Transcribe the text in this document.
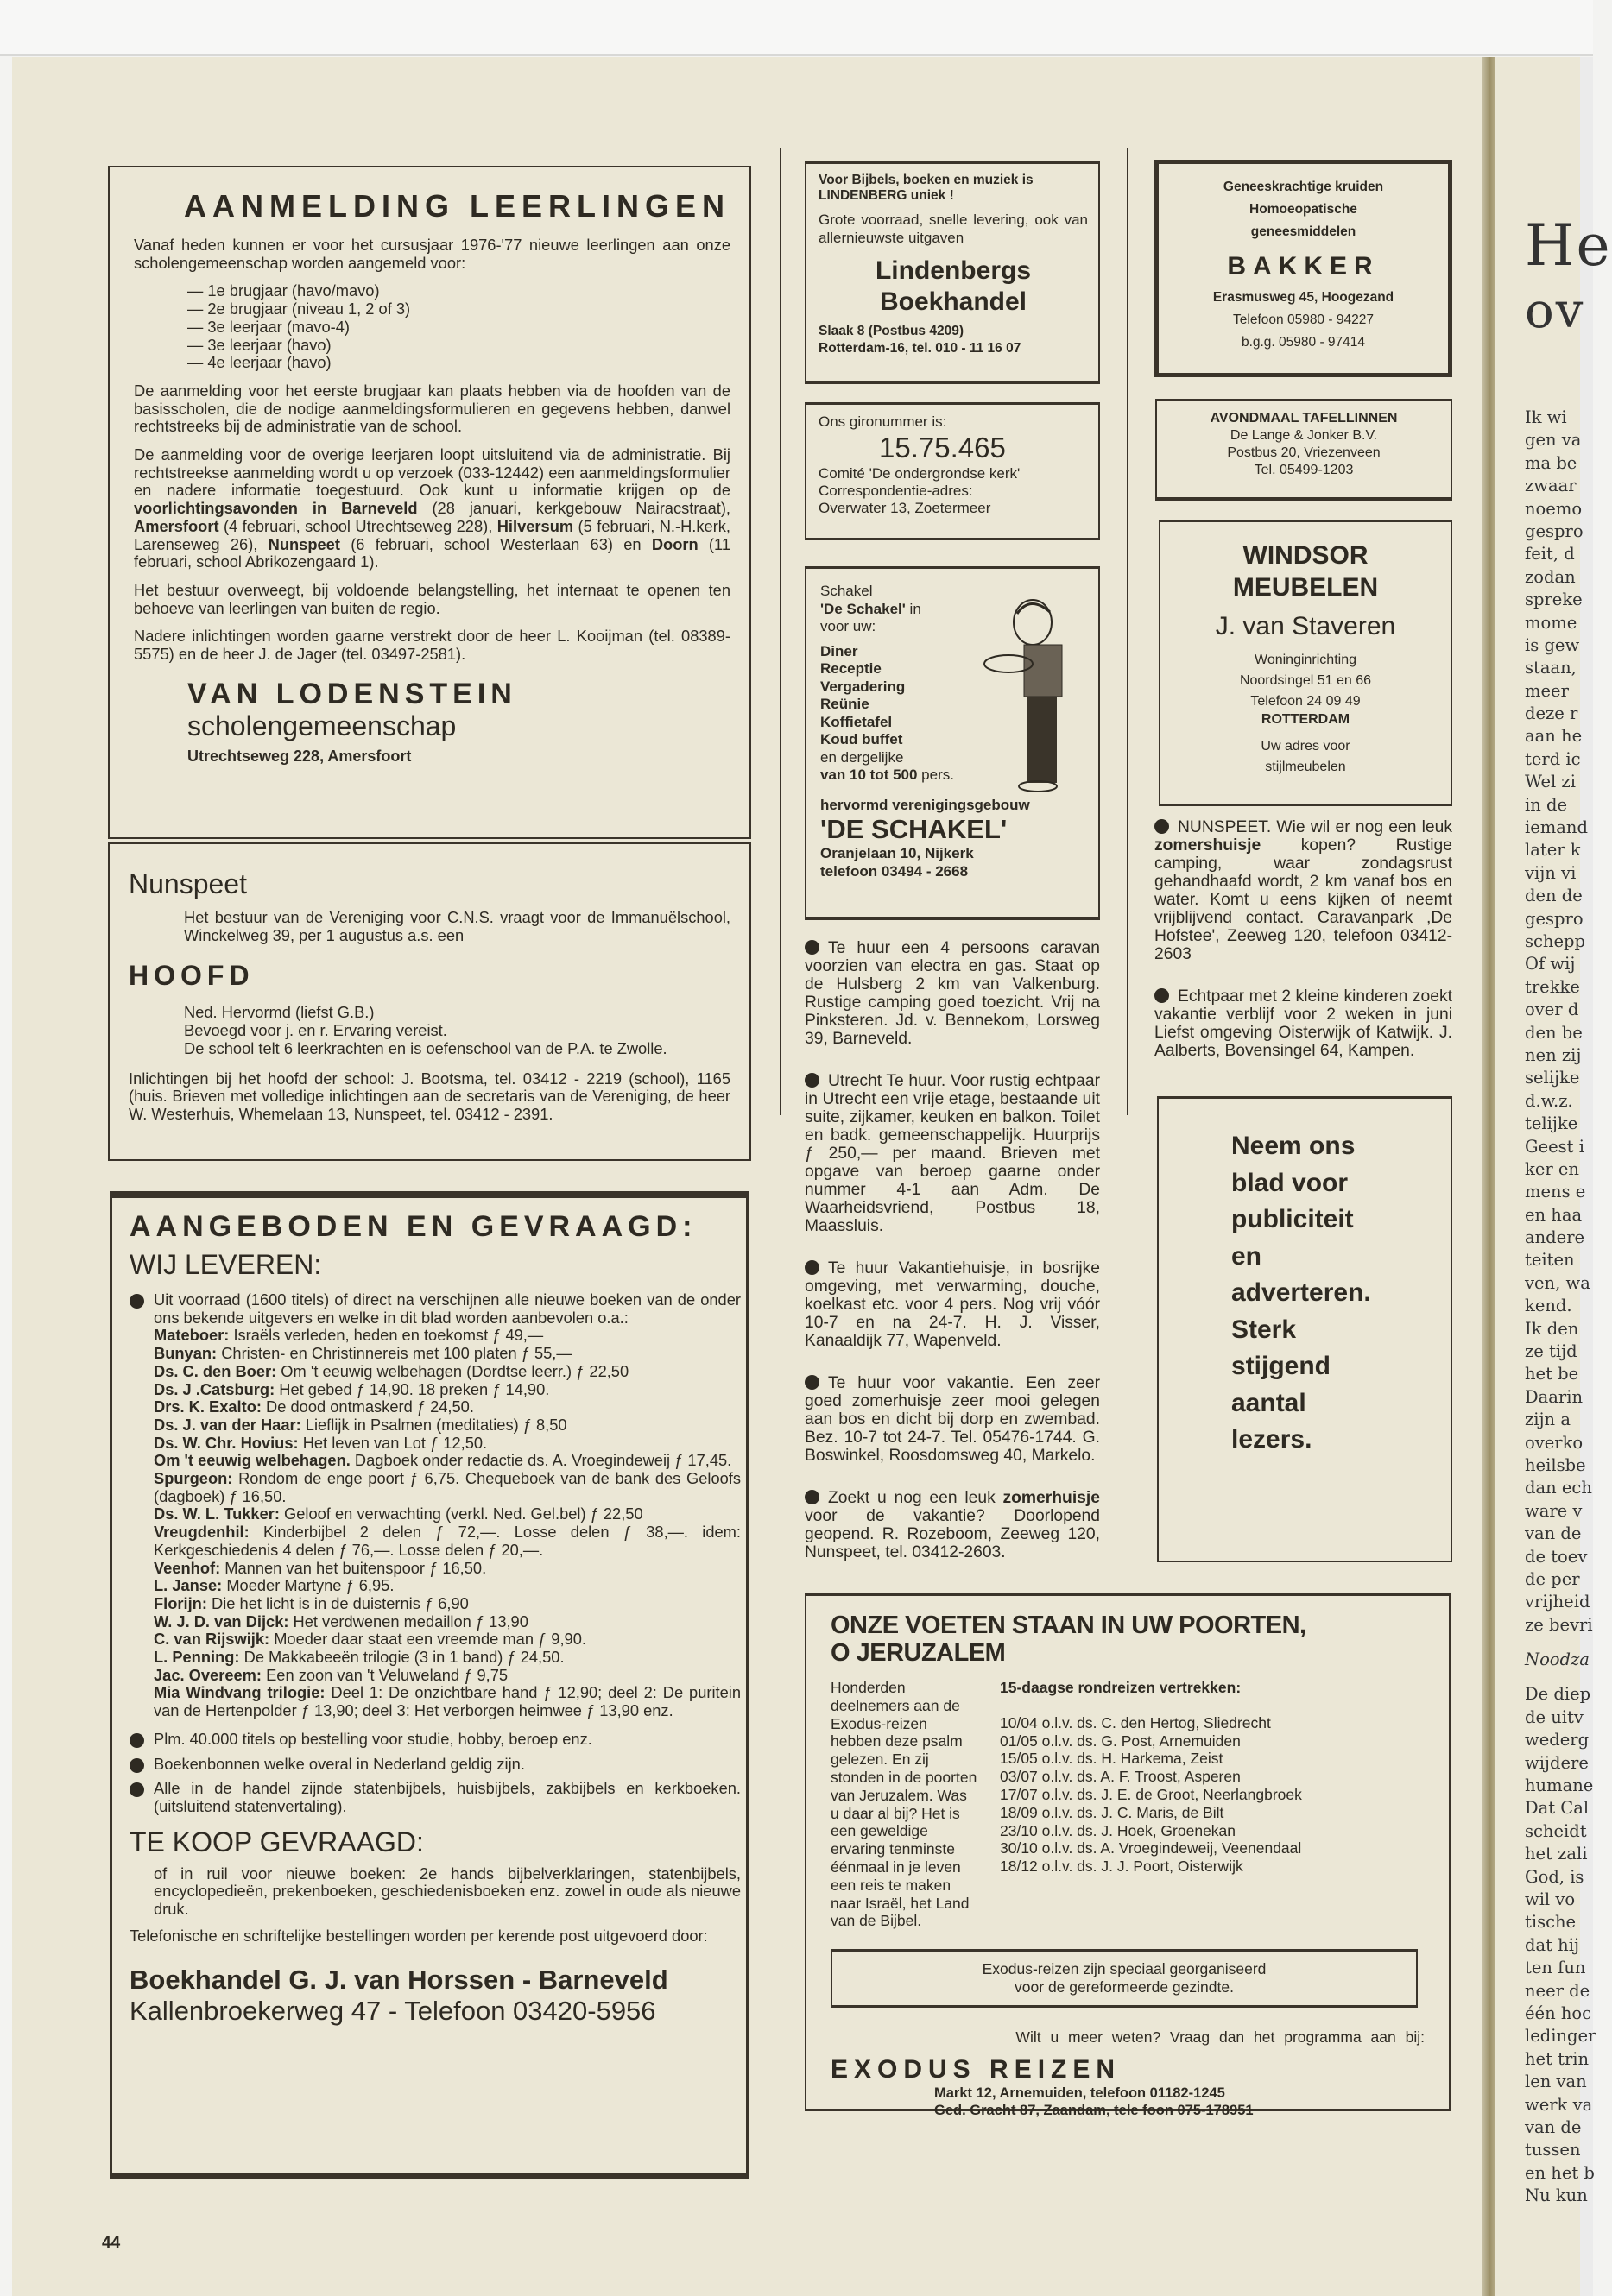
AANMELDING LEERLINGEN

Vanaf heden kunnen er voor het cursusjaar 1976-'77 nieuwe leerlingen aan onze scholengemeenschap worden aangemeld voor:

— 1e brugjaar (havo/mavo)
— 2e brugjaar (niveau 1, 2 of 3)
— 3e leerjaar (mavo-4)
— 3e leerjaar (havo)
— 4e leerjaar (havo)

De aanmelding voor het eerste brugjaar kan plaats hebben via de hoofden van de basisscholen, die de nodige aanmeldingsformulieren en gegevens hebben, danwel rechtstreeks bij de administratie van de school.

De aanmelding voor de overige leerjaren loopt uitsluitend via de administratie. Bij rechtstreekse aanmelding wordt u op verzoek (033-12442) een aanmeldingsformulier en nadere informatie toegestuurd. Ook kunt u informatie krijgen op de voorlichtingsavonden in Barneveld (28 januari, kerkgebouw Nairacstraat), Amersfoort (4 februari, school Utrechtseweg 228), Hilversum (5 februari, N.-H.kerk, Larenseweg 26), Nunspeet (6 februari, school Westerlaan 63) en Doorn (11 februari, school Abrikozengaard 1).

Het bestuur overweegt, bij voldoende belangstelling, het internaat te openen ten behoeve van leerlingen van buiten de regio.

Nadere inlichtingen worden gaarne verstrekt door de heer L. Kooijman (tel. 08389-5575) en de heer J. de Jager (tel. 03497-2581).

VAN LODENSTEIN
scholengemeenschap
Utrechtseweg 228, Amersfoort
Nunspeet
Het bestuur van de Vereniging voor C.N.S. vraagt voor de Immanuëlschool, Winckelweg 39, per 1 augustus a.s. een
HOOFD
Ned. Hervormd (liefst G.B.)
Bevoegd voor j. en r. Ervaring vereist.
De school telt 6 leerkrachten en is oefenschool van de P.A. te Zwolle.
Inlichtingen bij het hoofd der school: J. Bootsma, tel. 03412 - 2219 (school), 1165 (huis. Brieven met volledige inlichtingen aan de secretaris van de Vereniging, de heer W. Westerhuis, Whemelaan 13, Nunspeet, tel. 03412 - 2391.
AANGEBODEN EN GEVRAAGD:
WIJ LEVEREN:
Uit voorraad (1600 titels) of direct na verschijnen alle nieuwe boeken van de onder ons bekende uitgevers en welke in dit blad worden aanbevolen o.a.:
Mateboer: Israëls verleden, heden en toekomst ƒ 49,—
Bunyan: Christen- en Christinnereis met 100 platen ƒ 55,—
Ds. C. den Boer: Om 't eeuwig welbehagen (Dordtse leerr.) ƒ 22,50
Ds. J .Catsburg: Het gebed ƒ 14,90. 18 preken ƒ 14,90.
Drs. K. Exalto: De dood ontmaskerd ƒ 24,50.
Ds. J. van der Haar: Lieflijk in Psalmen (meditaties) ƒ 8,50
Ds. W. Chr. Hovius: Het leven van Lot ƒ 12,50.
Om 't eeuwig welbehagen. Dagboek onder redactie ds. A. Vroegindeweij ƒ 17,45.
Spurgeon: Rondom de enge poort ƒ 6,75. Chequeboek van de bank des Geloofs (dagboek) ƒ 16,50.
Ds. W. L. Tukker: Geloof en verwachting (verkl. Ned. Gel.bel) ƒ 22,50
Vreugdenhil: Kinderbijbel 2 delen ƒ 72,—. Losse delen ƒ 38,—. idem: Kerkgeschiedenis 4 delen ƒ 76,—. Losse delen ƒ 20,—.
Veenhof: Mannen van het buitenspoor ƒ 16,50.
L. Janse: Moeder Martyne ƒ 6,95.
Florijn: Die het licht is in de duisternis ƒ 6,90
W. J. D. van Dijck: Het verdwenen medaillon ƒ 13,90
C. van Rijswijk: Moeder daar staat een vreemde man ƒ 9,90.
L. Penning: De Makkabeeën trilogie (3 in 1 band) ƒ 24,50.
Jac. Overeem: Een zoon van 't Veluweland ƒ 9,75
Mia Windvang trilogie: Deel 1: De onzichtbare hand ƒ 12,90; deel 2: De puritein van de Hertenpolder ƒ 13,90; deel 3: Het verborgen heimwee ƒ 13,90 enz.
Plm. 40.000 titels op bestelling voor studie, hobby, beroep enz.
Boekenbonnen welke overal in Nederland geldig zijn.
Alle in de handel zijnde statenbijbels, huisbijbels, zakbijbels en kerkboeken. (uitsluitend statenvertaling).
TE KOOP GEVRAAGD:
of in ruil voor nieuwe boeken: 2e hands bijbelverklaringen, statenbijbels, encyclopedieën, prekenboeken, geschiedenisboeken enz. zowel in oude als nieuwe druk.
Telefonische en schriftelijke bestellingen worden per kerende post uitgevoerd door:
Boekhandel G. J. van Horssen - Barneveld
Kallenbroekerweg 47 - Telefoon 03420-5956
44
Voor Bijbels, boeken en muziek is LINDENBERG uniek !
Grote voorraad, snelle levering, ook van allernieuwste uitgaven
Lindenbergs
Boekhandel
Slaak 8 (Postbus 4209)
Rotterdam-16, tel. 010 - 11 16 07
Ons gironummer is:
15.75.465
Comité 'De ondergrondse kerk'
Correspondentie-adres:
Overwater 13, Zoetermeer
Schakel
'De Schakel' in
voor uw:
Diner
Receptie
Vergadering
Reünie
Koffietafel
Koud buffet
en dergelijke
van 10 tot 500 pers.
hervormd verenigingsgebouw
'DE SCHAKEL'
Oranjelaan 10, Nijkerk
telefoon 03494 - 2668

Te huur een 4 persoons caravan voorzien van electra en gas. Staat op de Hulsberg 2 km van Valkenburg. Rustige camping goed toezicht. Vrij na Pinksteren. Jd. v. Bennekom, Lorsweg 39, Barneveld.

Utrecht Te huur. Voor rustig echtpaar in Utrecht een vrije etage, bestaande uit suite, zijkamer, keuken en balkon. Toilet en badk. gemeenschappelijk. Huurprijs ƒ 250,— per maand. Brieven met opgave van beroep gaarne onder nummer 4-1 aan Adm. De Waarheidsvriend, Postbus 18, Maassluis.

Te huur Vakantiehuisje, in bosrijke omgeving, met verwarming, douche, koelkast etc. voor 4 pers. Nog vrij vóór 10-7 en na 24-7. H. J. Visser, Kanaaldijk 77, Wapenveld.

Te huur voor vakantie. Een zeer goed zomerhuisje zeer mooi gelegen aan bos en dicht bij dorp en zwembad. Bez. 10-7 tot 24-7. Tel. 05476-1744. G. Boswinkel, Roosdomsweg 40, Markelo.

Zoekt u nog een leuk zomerhuisje voor de vakantie? Doorlopend geopend. R. Rozeboom, Zeeweg 120, Nunspeet, tel. 03412-2603.

Geneeskrachtige kruiden
Homoeopatische
geneesmiddelen
BAKKER
Erasmusweg 45, Hoogezand
Telefoon 05980 - 94227
b.g.g. 05980 - 97414
AVONDMAAL TAFELLINNEN
De Lange & Jonker B.V.
Postbus 20, Vriezenveen
Tel. 05499-1203
WINDSOR
MEUBELEN
J. van Staveren
Woninginrichting
Noordsingel 51 en 66
Telefoon 24 09 49
ROTTERDAM
Uw adres voor
stijlmeubelen

NUNSPEET. Wie wil er nog een leuk zomershuisje kopen? Rustige camping, waar zondagsrust gehandhaafd wordt, 2 km vanaf bos en water. Komt u eens kijken of neemt vrijblijvend contact. Caravanpark ,De Hofstee', Zeeweg 120, telefoon 03412-2603

Echtpaar met 2 kleine kinderen zoekt vakantie verblijf voor 2 weken in juni Liefst omgeving Oisterwijk of Katwijk. J. Aalberts, Bovensingel 64, Kampen.

Neem ons
blad voor
publiciteit
en
adverteren.
Sterk
stijgend
aantal
lezers.
ONZE VOETEN STAAN IN UW POORTEN,
O JERUZALEM
Honderden deelnemers aan de Exodus-reizen hebben deze psalm gelezen. En zij stonden in de poorten van Jeruzalem. Was u daar al bij? Het is een geweldige ervaring tenminste éénmaal in je leven een reis te maken naar Israël, het Land van de Bijbel.
15-daagse rondreizen vertrekken:
10/04 o.l.v. ds. C. den Hertog, Sliedrecht
01/05 o.l.v. ds. G. Post, Arnemuiden
15/05 o.l.v. ds. H. Harkema, Zeist
03/07 o.l.v. ds. A. F. Troost, Asperen
17/07 o.l.v. ds. J. E. de Groot, Neerlangbroek
18/09 o.l.v. ds. J. C. Maris, de Bilt
23/10 o.l.v. ds. J. Hoek, Groenekan
30/10 o.l.v. ds. A. Vroegindeweij, Veenendaal
18/12 o.l.v. ds. J. J. Poort, Oisterwijk
Exodus-reizen zijn speciaal georganiseerd
voor de gereformeerde gezindte.
Wilt u meer weten? Vraag dan het programma aan bij:
EXODUS REIZEN
Markt 12, Arnemuiden, telefoon 01182-1245
Ged. Gracht 87, Zaandam, tele foon 075-178951
He
ov
Ik wi
gen va
ma be
zwaar
noemo
gespro
feit, d
zodan
spreke
mome
is gew
staan,
meer
deze r
aan he
terd ic
Wel zi
in de
iemand
later k
vijn vi
den de
gespro
schepp
Of wij
trekke
over d
den be
nen zij
selijke
d.w.z.
telijke
Geest i
ker en
mens e
en haa
andere
teiten
ven, wa
kend.
Ik den
ze tijd
het be
Daarin
zijn a
overko
heilsbe
dan ech
ware v
van de
de toev
de per
vrijheid
ze bevri
Noodza
De diep
de uitv
wederg
wijdere
humane
Dat Cal
scheidt
het zali
God, is
wil vo
tische
dat hij
ten fun
neer de
één hoc
ledinger
het trin
len van
werk va
van de
tussen
en het b
Nu kun
